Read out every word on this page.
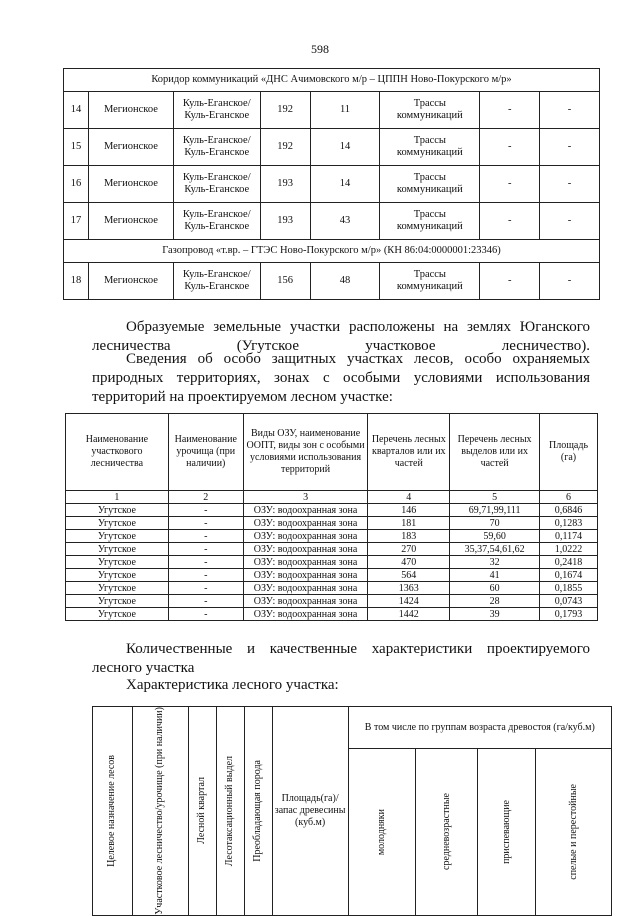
598
Коридор коммуникаций «ДНС Ачимовского м/р – ЦППН Ново-Покурского м/р»							
14	Мегионское	Куль-Еганское/ Куль-Еганское	192	11	Трассы коммуникаций	-	-
15	Мегионское	Куль-Еганское/ Куль-Еганское	192	14	Трассы коммуникаций	-	-
16	Мегионское	Куль-Еганское/ Куль-Еганское	193	14	Трассы коммуникаций	-	-
17	Мегионское	Куль-Еганское/ Куль-Еганское	193	43	Трассы коммуникаций	-	-
Газопровод «т.вр. – ГТЭС Ново-Покурского м/р» (КН 86:04:0000001:23346)							
18	Мегионское	Куль-Еганское/ Куль-Еганское	156	48	Трассы коммуникаций	-	-
Образуемые земельные участки расположены на землях Юганского лесничества (Угутское участковое лесничество).
Сведения об особо защитных участках лесов, особо охраняемых природных территориях, зонах с особыми условиями использования территорий на проектируемом лесном участке:
Наименование участкового лесничества	Наименование урочища (при наличии)	Виды ОЗУ, наименование ООПТ, виды зон с особыми условиями использования территорий	Перечень лесных кварталов или их частей	Перечень лесных выделов или их частей	Площадь (га)
1	2	3	4	5	6
Угутское	-	ОЗУ: водоохранная зона	146	69,71,99,111	0,6846
Угутское	-	ОЗУ: водоохранная зона	181	70	0,1283
Угутское	-	ОЗУ: водоохранная зона	183	59,60	0,1174
Угутское	-	ОЗУ: водоохранная зона	270	35,37,54,61,62	1,0222
Угутское	-	ОЗУ: водоохранная зона	470	32	0,2418
Угутское	-	ОЗУ: водоохранная зона	564	41	0,1674
Угутское	-	ОЗУ: водоохранная зона	1363	60	0,1855
Угутское	-	ОЗУ: водоохранная зона	1424	28	0,0743
Угутское	-	ОЗУ: водоохранная зона	1442	39	0,1793
Количественные и качественные характеристики проектируемого лесного участка
Характеристика лесного участка:
Целевое назначение лесов	Участковое лесничество/урочище (при наличии)	Лесной квартал	Лесотаксационный выдел	Преобладающая порода	Площадь(га)/ запас древесины (куб.м)	В том числе по группам возраста древостоя (га/куб.м)			

						молодняки	средневозрастные	приспевающие	спелые и перестойные
